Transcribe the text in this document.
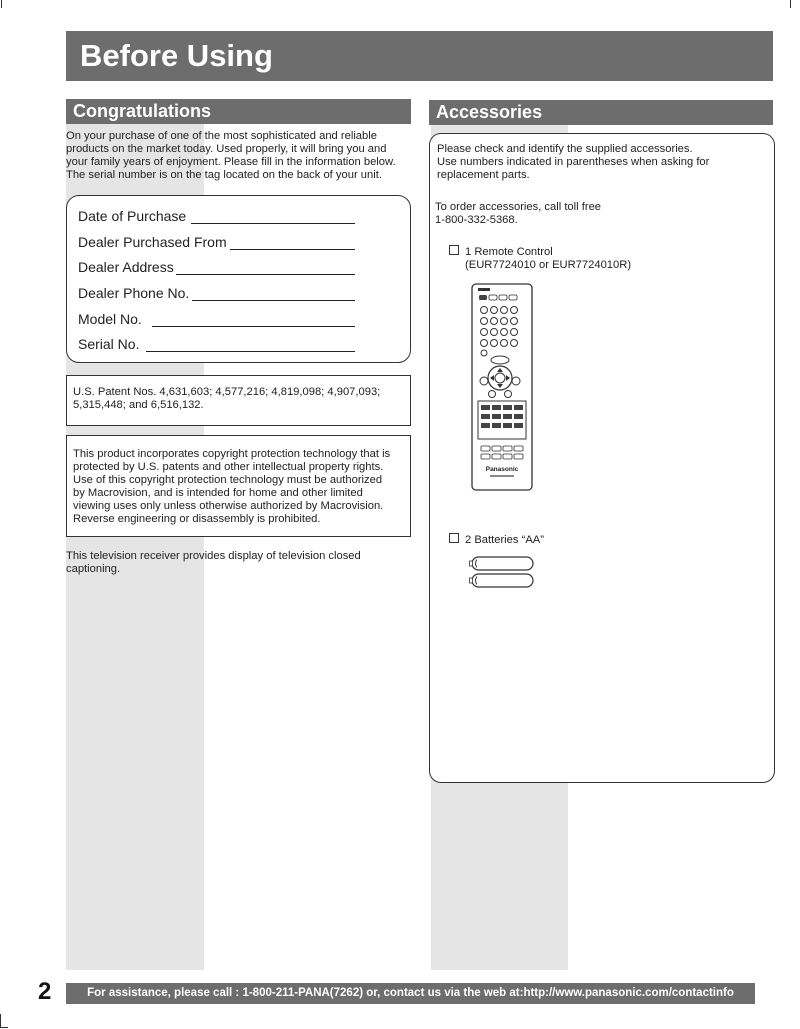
Before Using
Congratulations
On your purchase of one of the most sophisticated and reliable
products on the market today. Used properly, it will bring you and
your family years of enjoyment. Please fill in the information below.
The serial number is on the tag located on the back of your unit.
Date of Purchase
Dealer Purchased From
Dealer Address
Dealer Phone No.
Model No.
Serial No.
U.S. Patent Nos. 4,631,603; 4,577,216; 4,819,098; 4,907,093;
5,315,448; and 6,516,132.
This product incorporates copyright protection technology that is
protected by U.S. patents and other intellectual property rights.
Use of this copyright protection technology must be authorized
by Macrovision, and is intended for home and other limited
viewing uses only unless otherwise authorized by Macrovision.
Reverse engineering or disassembly is prohibited.
This television receiver provides display of television closed
captioning.
Accessories
Please check and identify the supplied accessories.
Use numbers indicated in parentheses when asking for
replacement parts.
To order accessories, call toll free
1-800-332-5368.
1 Remote Control
(EUR7724010 or EUR7724010R)
Panasonic
2 Batteries “AA”
2	For assistance, please call : 1-800-211-PANA(7262) or, contact us via the web at:http://www.panasonic.com/contactinfo
